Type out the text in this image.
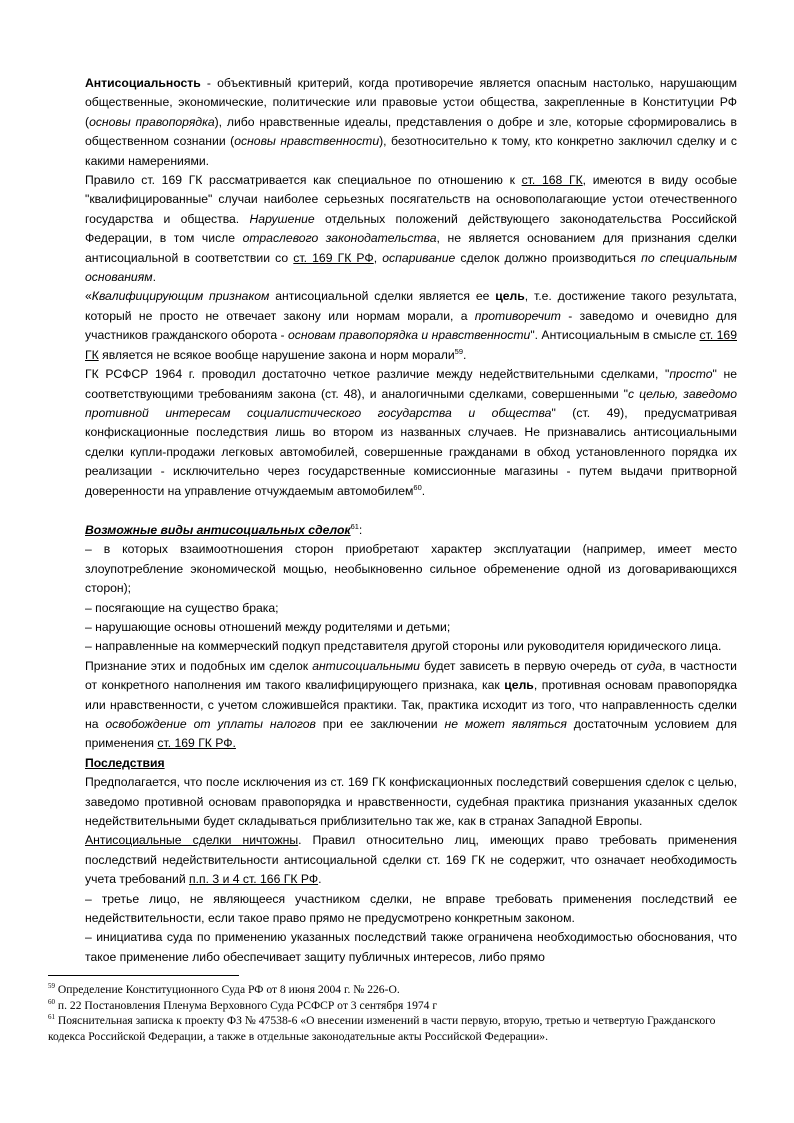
Антисоциальность - объективный критерий, когда противоречие является опасным настолько, нарушающим общественные, экономические, политические или правовые устои общества, закрепленные в Конституции РФ (основы правопорядка), либо нравственные идеалы, представления о добре и зле, которые сформировались в общественном сознании (основы нравственности), безотносительно к тому, кто конкретно заключил сделку и с какими намерениями.

Правило ст. 169 ГК рассматривается как специальное по отношению к ст. 168 ГК, имеются в виду особые "квалифицированные" случаи наиболее серьезных посягательств на основополагающие устои отечественного государства и общества. Нарушение отдельных положений действующего законодательства Российской Федерации, в том числе отраслевого законодательства, не является основанием для признания сделки антисоциальной в соответствии со ст. 169 ГК РФ, оспаривание сделок должно производиться по специальным основаниям.

«Квалифицирующим признаком антисоциальной сделки является ее цель, т.е. достижение такого результата, который не просто не отвечает закону или нормам морали, а противоречит - заведомо и очевидно для участников гражданского оборота - основам правопорядка и нравственности". Антисоциальным в смысле ст. 169 ГК является не всякое вообще нарушение закона и норм морали$^{59}$.

ГК РСФСР 1964 г. проводил достаточно четкое различие между недействительными сделками, "просто" не соответствующими требованиям закона (ст. 48), и аналогичными сделками, совершенными "с целью, заведомо противной интересам социалистического государства и общества" (ст. 49), предусматривая конфискационные последствия лишь во втором из названных случаев. Не признавались антисоциальными сделки купли-продажи легковых автомобилей, совершенные гражданами в обход установленного порядка их реализации - исключительно через государственные комиссионные магазины - путем выдачи притворной доверенности на управление отчуждаемым автомобилем$^{60}$.

Возможные виды антисоциальных сделок$^{61}$:

– в которых взаимоотношения сторон приобретают характер эксплуатации (например, имеет место злоупотребление экономической мощью, необыкновенно сильное обременение одной из договаривающихся сторон);

– посягающие на существо брака;

– нарушающие основы отношений между родителями и детьми;

– направленные на коммерческий подкуп представителя другой стороны или руководителя юридического лица.

Признание этих и подобных им сделок антисоциальными будет зависеть в первую очередь от суда, в частности от конкретного наполнения им такого квалифицирующего признака, как цель, противная основам правопорядка или нравственности, с учетом сложившейся практики. Так, практика исходит из того, что направленность сделки на освобождение от уплаты налогов при ее заключении не может являться достаточным условием для применения ст. 169 ГК РФ.

Последствия

Предполагается, что после исключения из ст. 169 ГК конфискационных последствий совершения сделок с целью, заведомо противной основам правопорядка и нравственности, судебная практика признания указанных сделок недействительными будет складываться приблизительно так же, как в странах Западной Европы.

Антисоциальные сделки ничтожны. Правил относительно лиц, имеющих право требовать применения последствий недействительности антисоциальной сделки ст. 169 ГК не содержит, что означает необходимость учета требований п.п. 3 и 4 ст. 166 ГК РФ.

– третье лицо, не являющееся участником сделки, не вправе требовать применения последствий ее недействительности, если такое право прямо не предусмотрено конкретным законом.

– инициатива суда по применению указанных последствий также ограничена необходимостью обоснования, что такое применение либо обеспечивает защиту публичных интересов, либо прямо

$^{59}$ Определение Конституционного Суда РФ от 8 июня 2004 г. № 226-О.

$^{60}$ п. 22 Постановления Пленума Верховного Суда РСФСР от 3 сентября 1974 г

$^{61}$ Пояснительная записка к проекту ФЗ № 47538-6 «О внесении изменений в части первую, вторую, третью и четвертую Гражданского кодекса Российской Федерации, а также в отдельные законодательные акты Российской Федерации».
